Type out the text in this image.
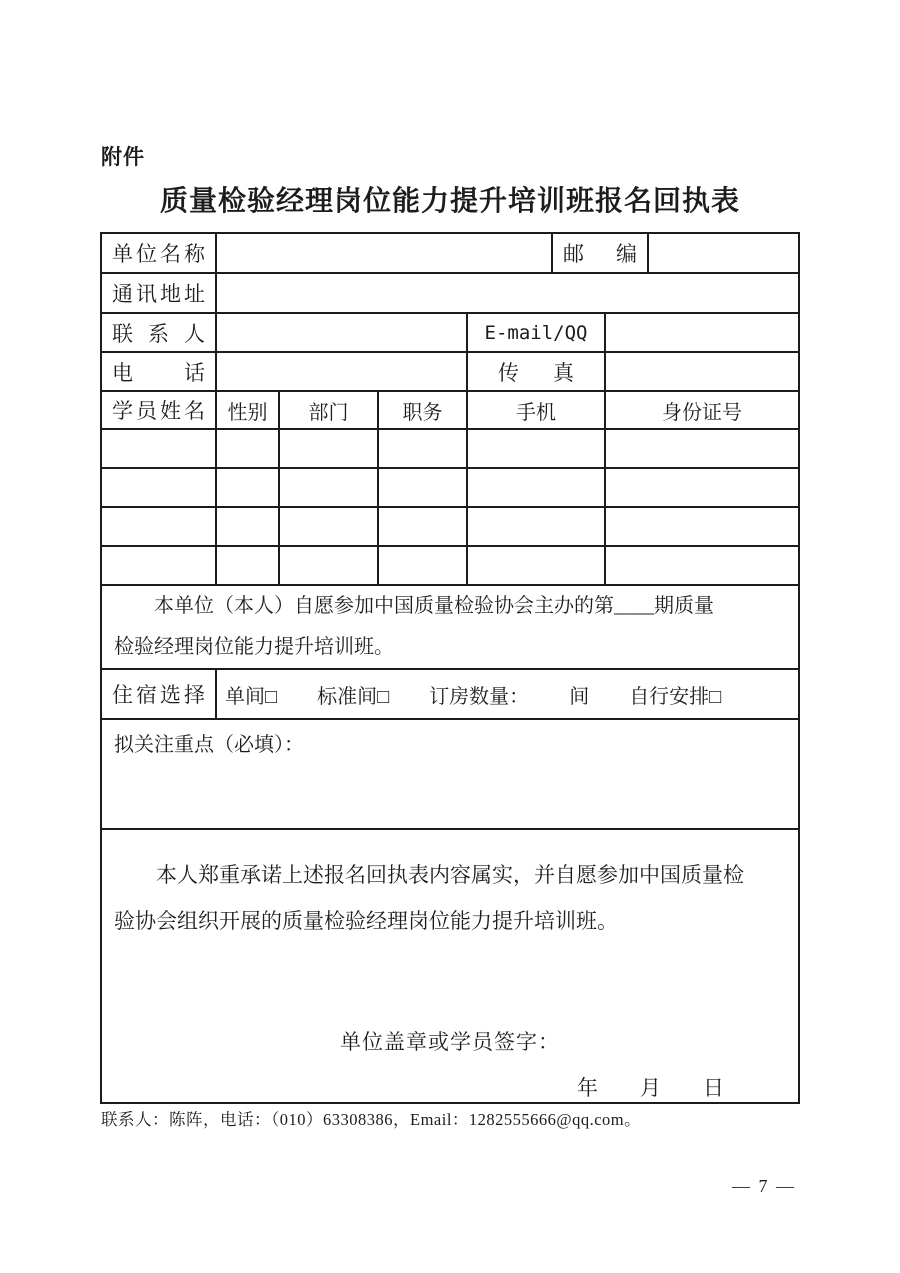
附件
质量检验经理岗位能力提升培训班报名回执表
单位名称					邮编		
通讯地址							
联系人				E-mail/QQ			
电话				传真			
学员姓名	性别	部门	职务	手机		身份证号	

本单位（本人）自愿参加中国质量检验协会主办的第____期质量
检验经理岗位能力提升培训班。							

住宿选择	单间□ 标准间□ 订房数量： 间 自行安排□						

拟关注重点（必填）：							

本人郑重承诺上述报名回执表内容属实，并自愿参加中国质量检
验协会组织开展的质量检验经理岗位能力提升培训班。
单位盖章或学员签字：
年　　月　　日							
联系人：陈阵，电话：（010）63308386，Email：1282555666@qq.com。
— 7 —
